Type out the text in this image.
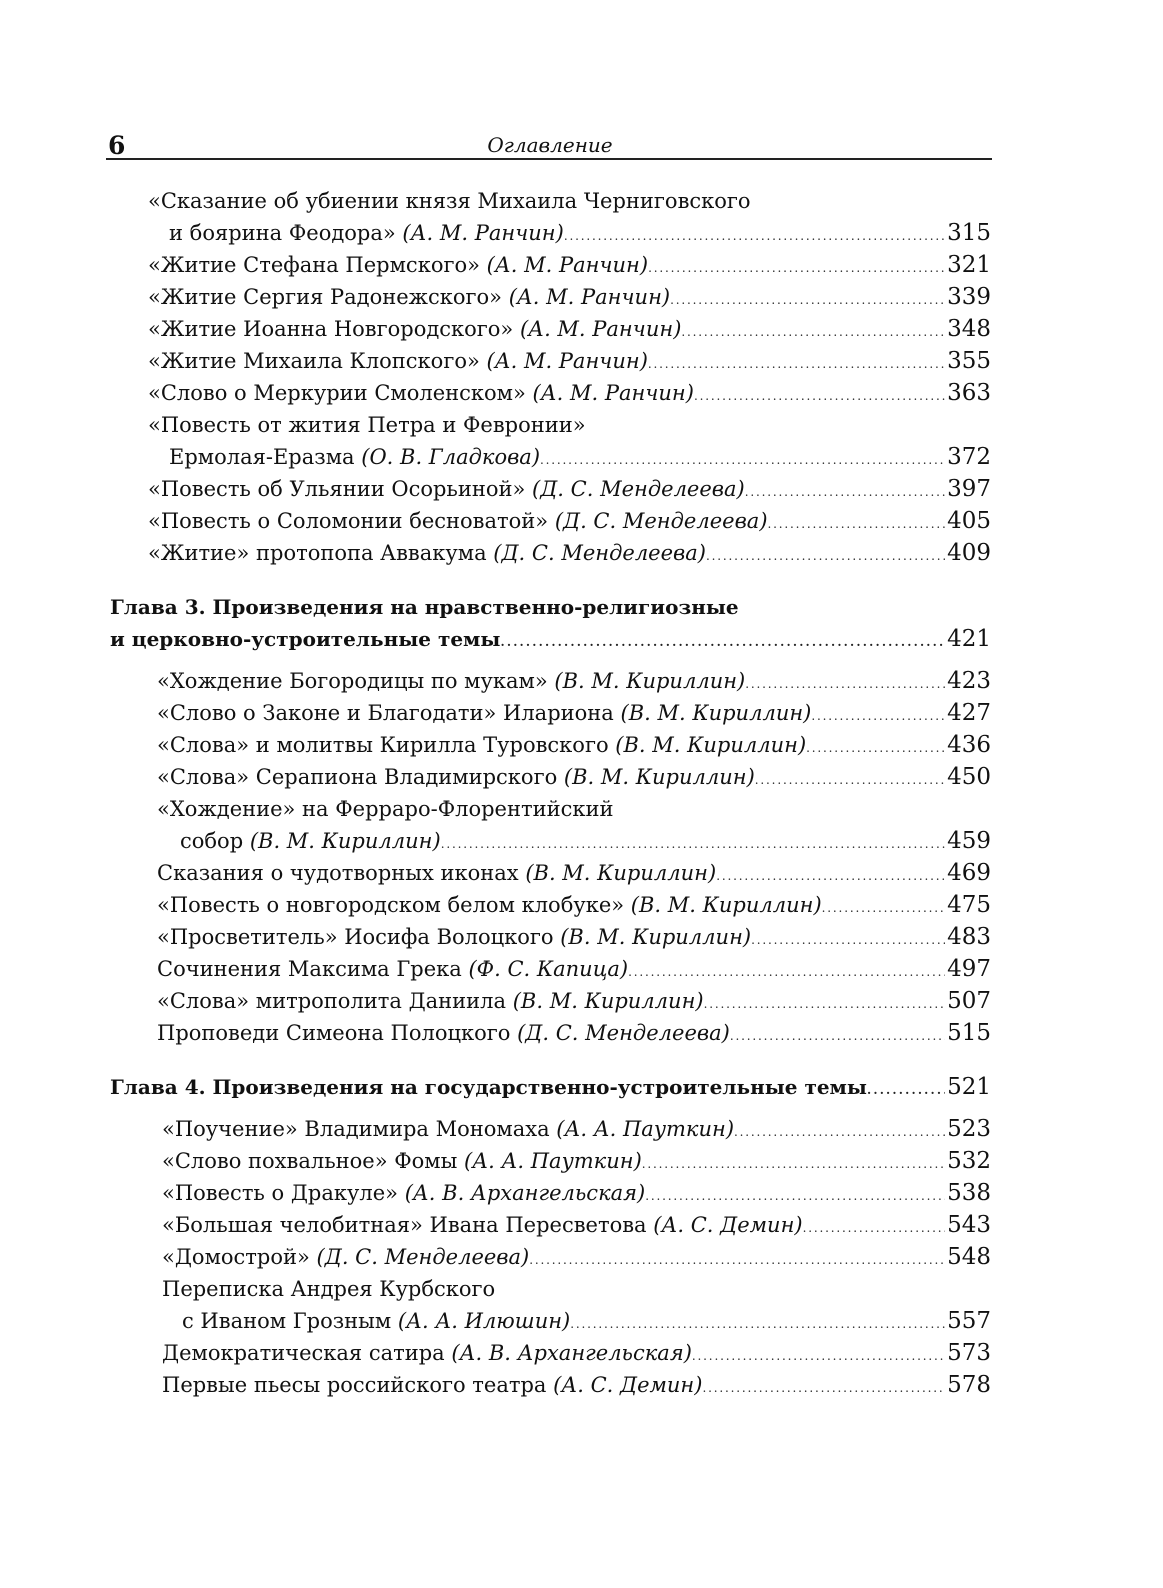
6	Оглавление
«Сказание об убиении князя Михаила Черниговского
и боярина Феодора» (А. М. Ранчин) . . .	315
«Житие Стефана Пермского» (А. М. Ранчин) . . .	321
«Житие Сергия Радонежского» (А. М. Ранчин) . . .	339
«Житие Иоанна Новгородского» (А. М. Ранчин) . . .	348
«Житие Михаила Клопского» (А. М. Ранчин) . . .	355
«Слово о Меркурии Смоленском» (А. М. Ранчин) . . .	363
«Повесть от жития Петра и Февронии»
Ермолая-Еразма (О. В. Гладкова) . . .	372
«Повесть об Ульянии Осорьиной» (Д. С. Менделеева) . . .	397
«Повесть о Соломонии бесноватой» (Д. С. Менделеева) . . .	405
«Житие» протопопа Аввакума (Д. С. Менделеева) . . .	409
Глава 3. Произведения на нравственно-религиозные
и церковно-устроительные темы . . .	421
«Хождение Богородицы по мукам» (В. М. Кириллин) . . .	423
«Слово о Законе и Благодати» Илариона (В. М. Кириллин) . . .	427
«Слова» и молитвы Кирилла Туровского (В. М. Кириллин) . . .	436
«Слова» Серапиона Владимирского (В. М. Кириллин) . . .	450
«Хождение» на Ферраро-Флорентийский
собор (В. М. Кириллин) . . .	459
Сказания о чудотворных иконах (В. М. Кириллин) . . .	469
«Повесть о новгородском белом клобуке» (В. М. Кириллин) . . .	475
«Просветитель» Иосифа Волоцкого (В. М. Кириллин) . . .	483
Сочинения Максима Грека (Ф. С. Капица) . . .	497
«Слова» митрополита Даниила (В. М. Кириллин) . . .	507
Проповеди Симеона Полоцкого (Д. С. Менделеева) . . .	515
Глава 4. Произведения на государственно-устроительные темы . . .	521
«Поучение» Владимира Мономаха (А. А. Пауткин) . . .	523
«Слово похвальное» Фомы (А. А. Пауткин) . . .	532
«Повесть о Дракуле» (А. В. Архангельская) . . .	538
«Большая челобитная» Ивана Пересветова (А. С. Демин) . . .	543
«Домострой» (Д. С. Менделеева) . . .	548
Переписка Андрея Курбского
с Иваном Грозным (А. А. Илюшин) . . .	557
Демократическая сатира (А. В. Архангельская) . . .	573
Первые пьесы российского театра (А. С. Демин) . . .	578
